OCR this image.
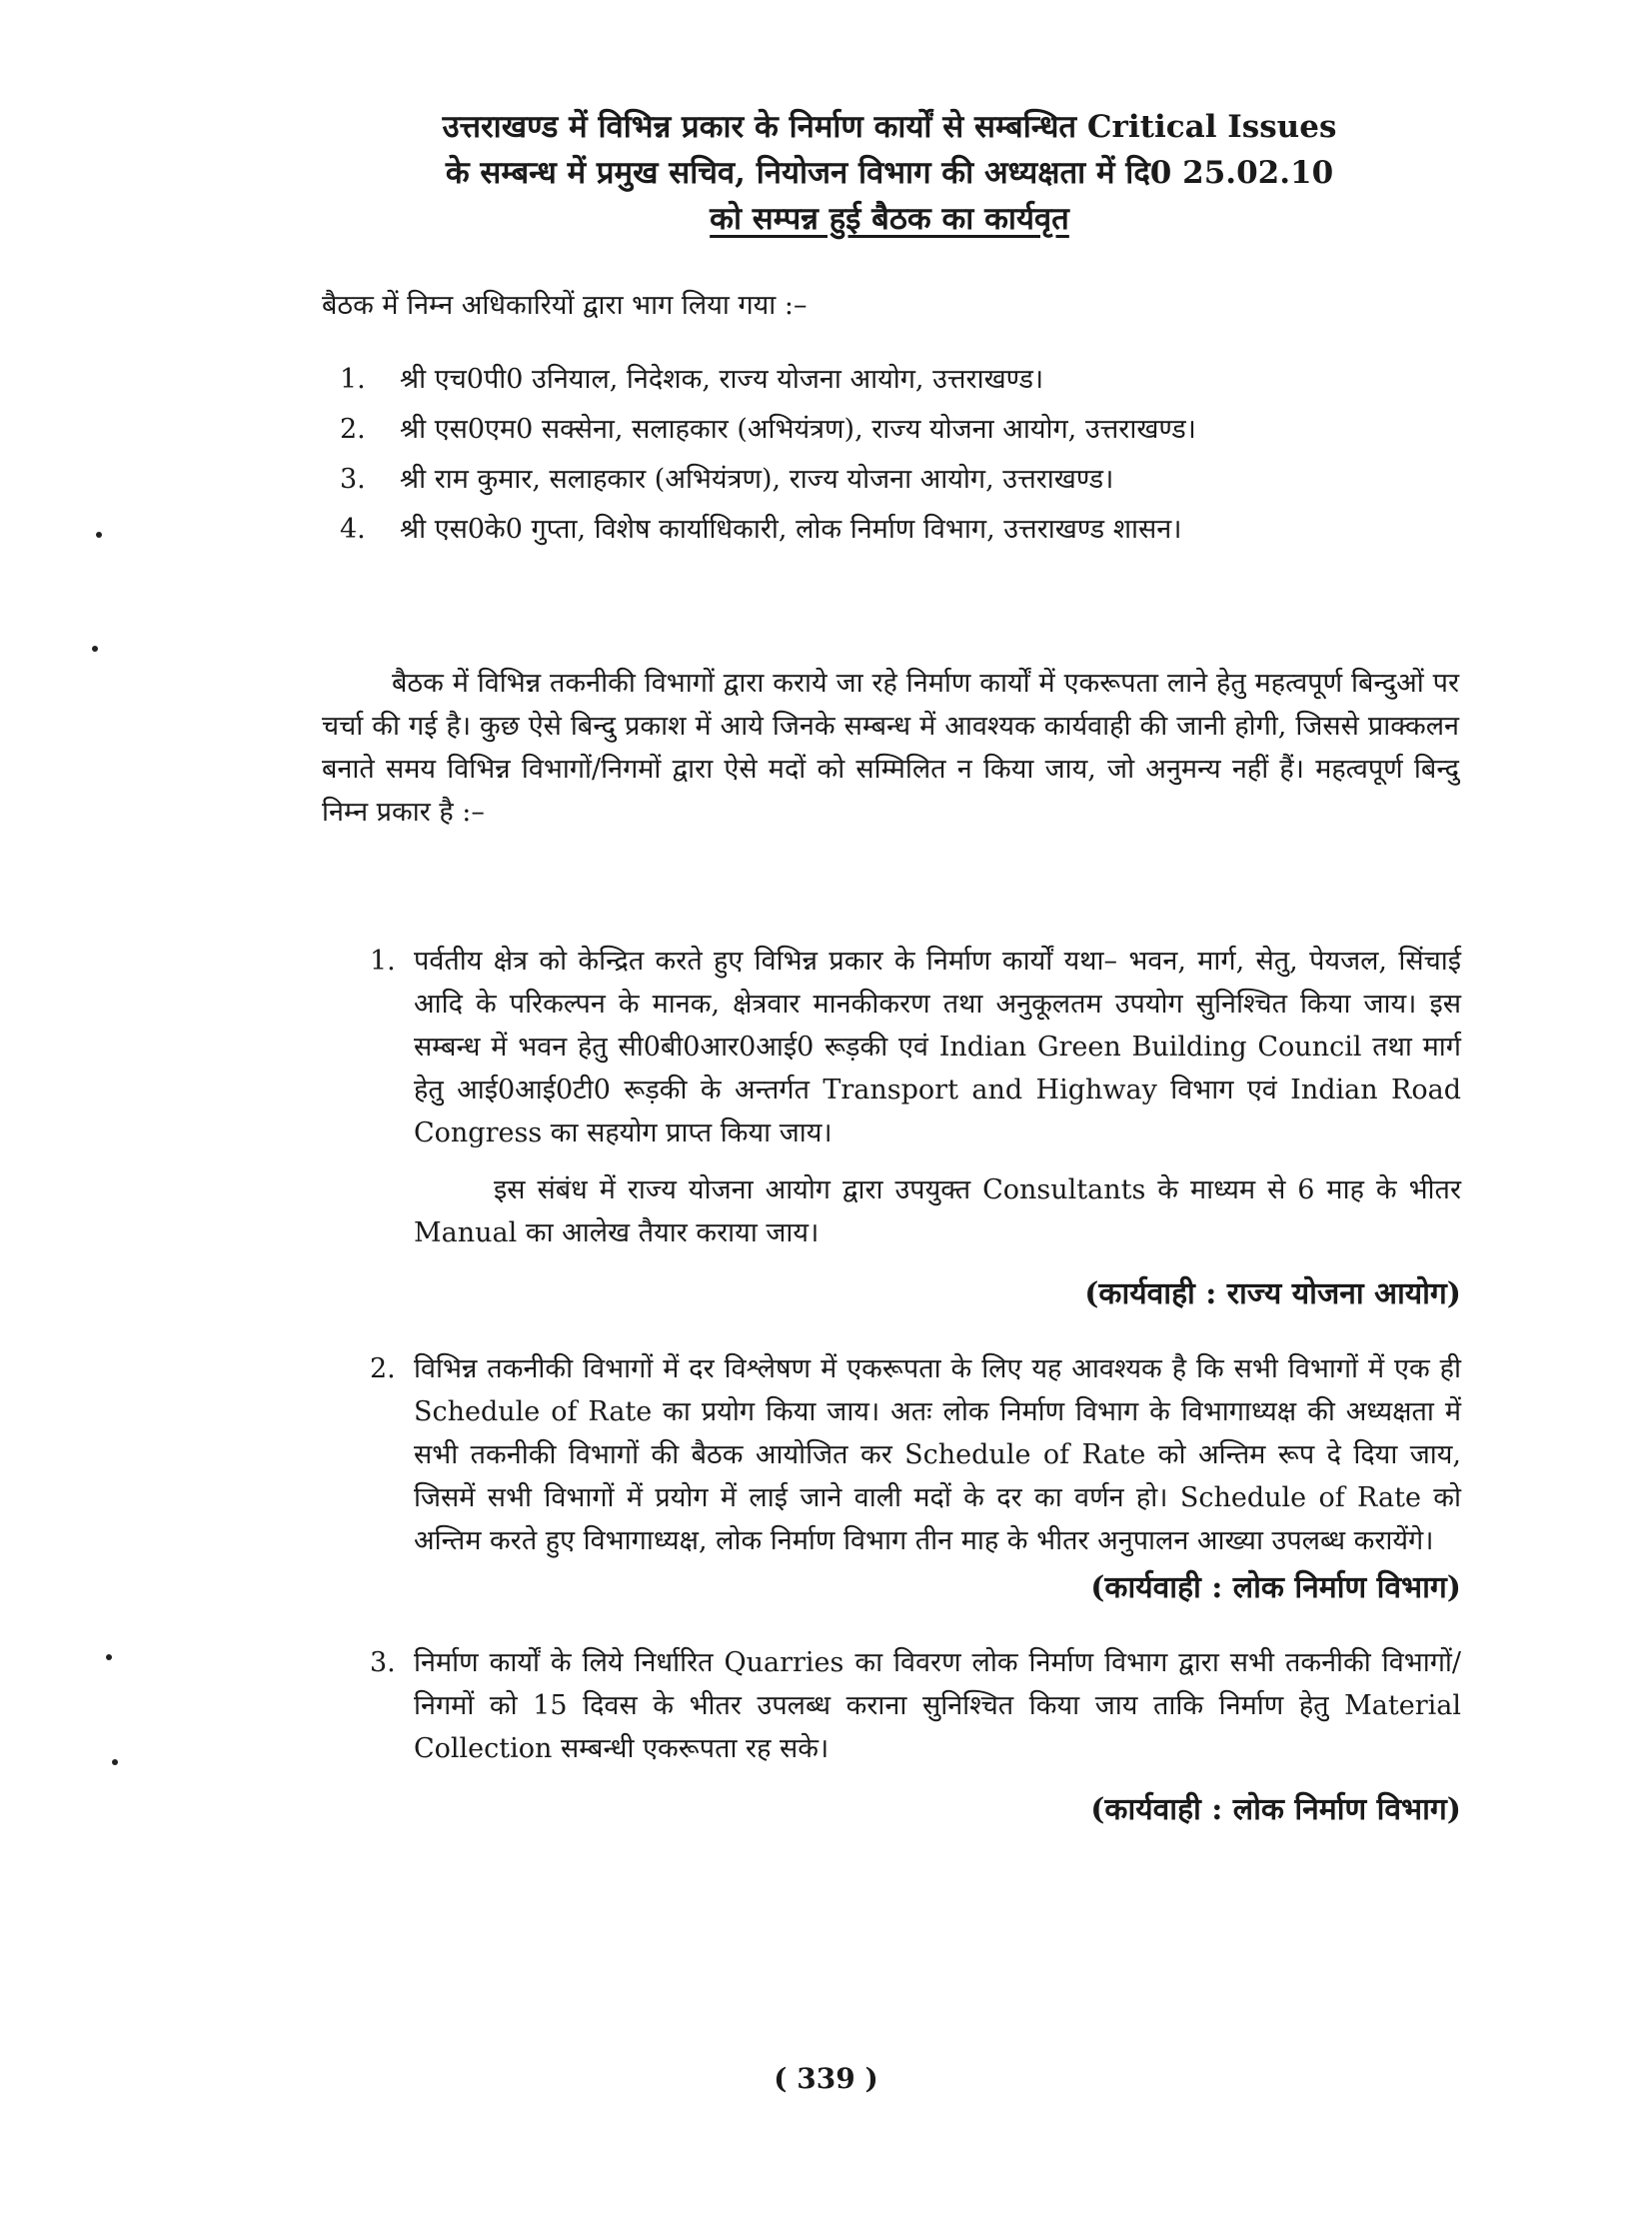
उत्तराखण्ड में विभिन्न प्रकार के निर्माण कार्यों से सम्बन्धित Critical Issues
के सम्बन्ध में प्रमुख सचिव, नियोजन विभाग की अध्यक्षता में दि0 25.02.10
को सम्पन्न हुई बैठक का कार्यवृत
बैठक में निम्न अधिकारियों द्वारा भाग लिया गया :–
1.	श्री एच0पी0 उनियाल, निदेशक, राज्य योजना आयोग, उत्तराखण्ड।
2.	श्री एस0एम0 सक्सेना, सलाहकार (अभियंत्रण), राज्य योजना आयोग, उत्तराखण्ड।
3.	श्री राम कुमार, सलाहकार (अभियंत्रण), राज्य योजना आयोग, उत्तराखण्ड।
4.	श्री एस0के0 गुप्ता, विशेष कार्याधिकारी, लोक निर्माण विभाग, उत्तराखण्ड शासन।
बैठक में विभिन्न तकनीकी विभागों द्वारा कराये जा रहे निर्माण कार्यों में एकरूपता लाने हेतु महत्वपूर्ण बिन्दुओं पर चर्चा की गई है। कुछ ऐसे बिन्दु प्रकाश में आये जिनके सम्बन्ध में आवश्यक कार्यवाही की जानी होगी, जिससे प्राक्कलन बनाते समय विभिन्न विभागों/निगमों द्वारा ऐसे मदों को सम्मिलित न किया जाय, जो अनुमन्य नहीं हैं। महत्वपूर्ण बिन्दु निम्न प्रकार है :–
1. पर्वतीय क्षेत्र को केन्द्रित करते हुए विभिन्न प्रकार के निर्माण कार्यों यथा– भवन, मार्ग, सेतु, पेयजल, सिंचाई आदि के परिकल्पन के मानक, क्षेत्रवार मानकीकरण तथा अनुकूलतम उपयोग सुनिश्चित किया जाय। इस सम्बन्ध में भवन हेतु सी0बी0आर0आई0 रूड़की एवं Indian Green Building Council तथा मार्ग हेतु आई0आई0टी0 रूड़की के अन्तर्गत Transport and Highway विभाग एवं Indian Road Congress का सहयोग प्राप्त किया जाय।
इस संबंध में राज्य योजना आयोग द्वारा उपयुक्त Consultants के माध्यम से 6 माह के भीतर Manual का आलेख तैयार कराया जाय।
(कार्यवाही : राज्य योजना आयोग)
2. विभिन्न तकनीकी विभागों में दर विश्लेषण में एकरूपता के लिए यह आवश्यक है कि सभी विभागों में एक ही Schedule of Rate का प्रयोग किया जाय। अतः लोक निर्माण विभाग के विभागाध्यक्ष की अध्यक्षता में सभी तकनीकी विभागों की बैठक आयोजित कर Schedule of Rate को अन्तिम रूप दे दिया जाय, जिसमें सभी विभागों में प्रयोग में लाई जाने वाली मदों के दर का वर्णन हो। Schedule of Rate को अन्तिम करते हुए विभागाध्यक्ष, लोक निर्माण विभाग तीन माह के भीतर अनुपालन आख्या उपलब्ध करायेंगे।
(कार्यवाही : लोक निर्माण विभाग)
3. निर्माण कार्यों के लिये निर्धारित Quarries का विवरण लोक निर्माण विभाग द्वारा सभी तकनीकी विभागों/निगमों को 15 दिवस के भीतर उपलब्ध कराना सुनिश्चित किया जाय ताकि निर्माण हेतु Material Collection सम्बन्धी एकरूपता रह सके।
(कार्यवाही : लोक निर्माण विभाग)
( 339 )
